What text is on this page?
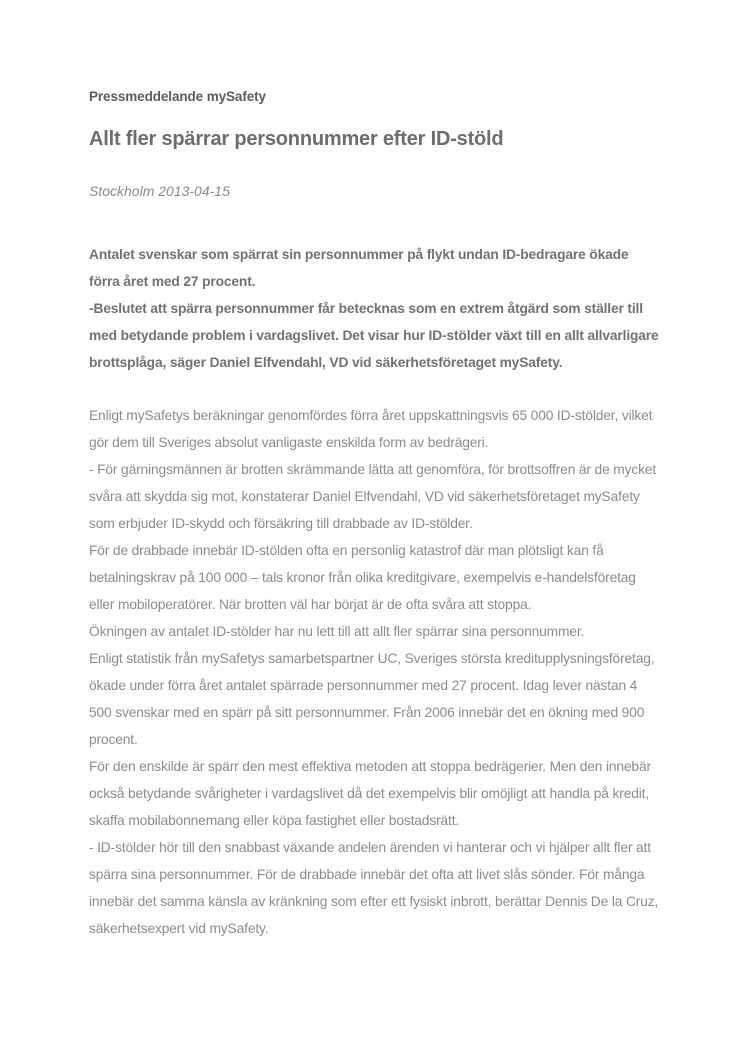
Pressmeddelande mySafety
Allt fler spärrar personnummer efter ID-stöld
Stockholm 2013-04-15

Antalet svenskar som spärrat sin personnummer på flykt undan ID-bedragare ökade förra året med 27 procent.

-Beslutet att spärra personnummer får betecknas som en extrem åtgärd som ställer till med betydande problem i vardagslivet. Det visar hur ID-stölder växt till en allt allvarligare brottsplåga, säger Daniel Elfvendahl, VD vid säkerhetsföretaget mySafety.

Enligt mySafetys beräkningar genomfördes förra året uppskattningsvis 65 000 ID-stölder, vilket gör dem till Sveriges absolut vanligaste enskilda form av bedrägeri.

- För gärningsmännen är brotten skrämmande lätta att genomföra, för brottsoffren är de mycket svåra att skydda sig mot, konstaterar Daniel Elfvendahl, VD vid säkerhetsföretaget mySafety som erbjuder ID-skydd och försäkring till drabbade av ID-stölder.

För de drabbade innebär ID-stölden ofta en personlig katastrof där man plötsligt kan få betalningskrav på 100 000 – tals kronor från olika kreditgivare, exempelvis e-handelsföretag eller mobiloperatörer. När brotten väl har börjat är de ofta svåra att stoppa.

Ökningen av antalet ID-stölder har nu lett till att allt fler spärrar sina personnummer.

Enligt statistik från mySafetys samarbetspartner UC, Sveriges största kreditupplysningsföretag, ökade under förra året antalet spärrade personnummer med 27 procent. Idag lever nästan 4 500 svenskar med en spärr på sitt personnummer. Från 2006 innebär det en ökning med 900 procent.

För den enskilde är spärr den mest effektiva metoden att stoppa bedrägerier. Men den innebär också betydande svårigheter i vardagslivet då det exempelvis blir omöjligt att handla på kredit, skaffa mobilabonnemang eller köpa fastighet eller bostadsrätt.

- ID-stölder hör till den snabbast växande andelen ärenden vi hanterar och vi hjälper allt fler att spärra sina personnummer. För de drabbade innebär det ofta att livet slås sönder. För många innebär det samma känsla av kränkning som efter ett fysiskt inbrott, berättar Dennis De la Cruz, säkerhetsexpert vid mySafety.
